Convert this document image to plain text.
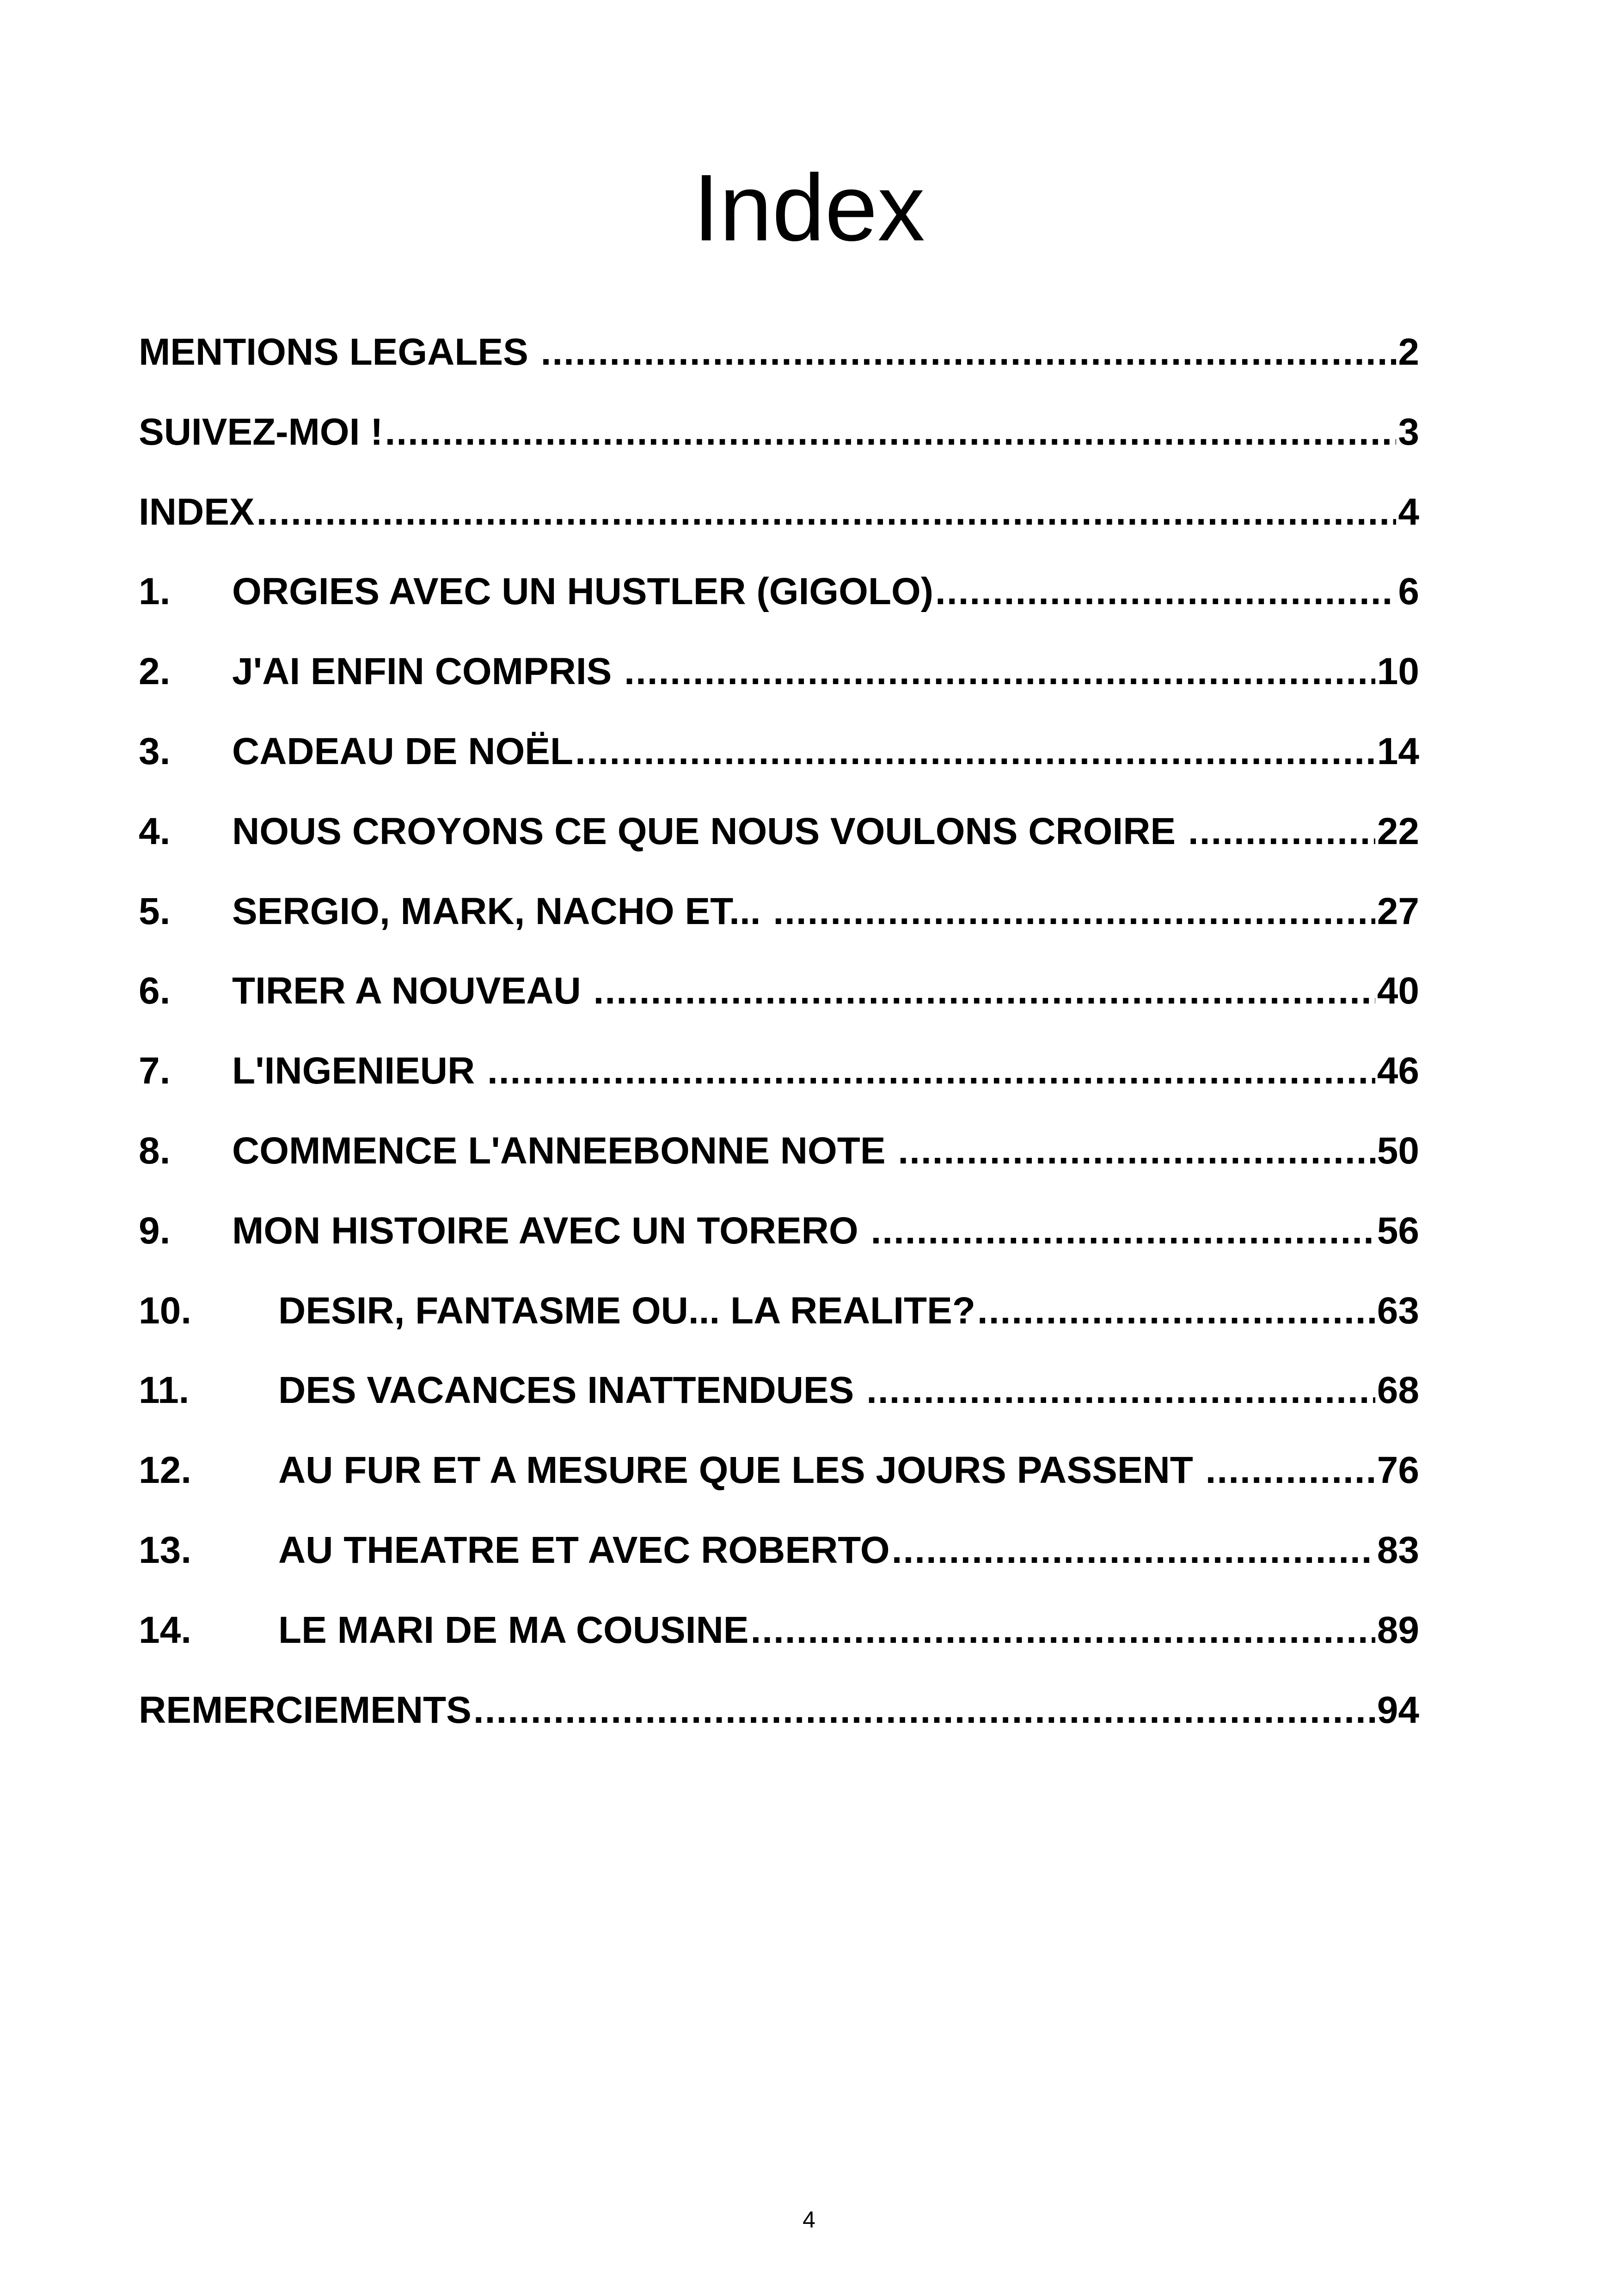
Index
MENTIONS LEGALES .....	2
SUIVEZ-MOI ! .....	3
INDEX .....	4
1.	ORGIES AVEC UN HUSTLER (GIGOLO) .....	6
2.	J'AI ENFIN COMPRIS .....	10
3.	CADEAU DE NOËL .....	14
4.	NOUS CROYONS CE QUE NOUS VOULONS CROIRE .....	22
5.	SERGIO, MARK, NACHO ET... .....	27
6.	TIRER A NOUVEAU .....	40
7.	L'INGENIEUR .....	46
8.	COMMENCE L'ANNEEBONNE NOTE .....	50
9.	MON HISTOIRE AVEC UN TORERO .....	56
10.	DESIR, FANTASME OU... LA REALITE? .....	63
11.	DES VACANCES INATTENDUES .....	68
12.	AU FUR ET A MESURE QUE LES JOURS PASSENT .....	76
13.	AU THEATRE ET AVEC ROBERTO .....	83
14.	LE MARI DE MA COUSINE .....	89
REMERCIEMENTS .....	94
4
